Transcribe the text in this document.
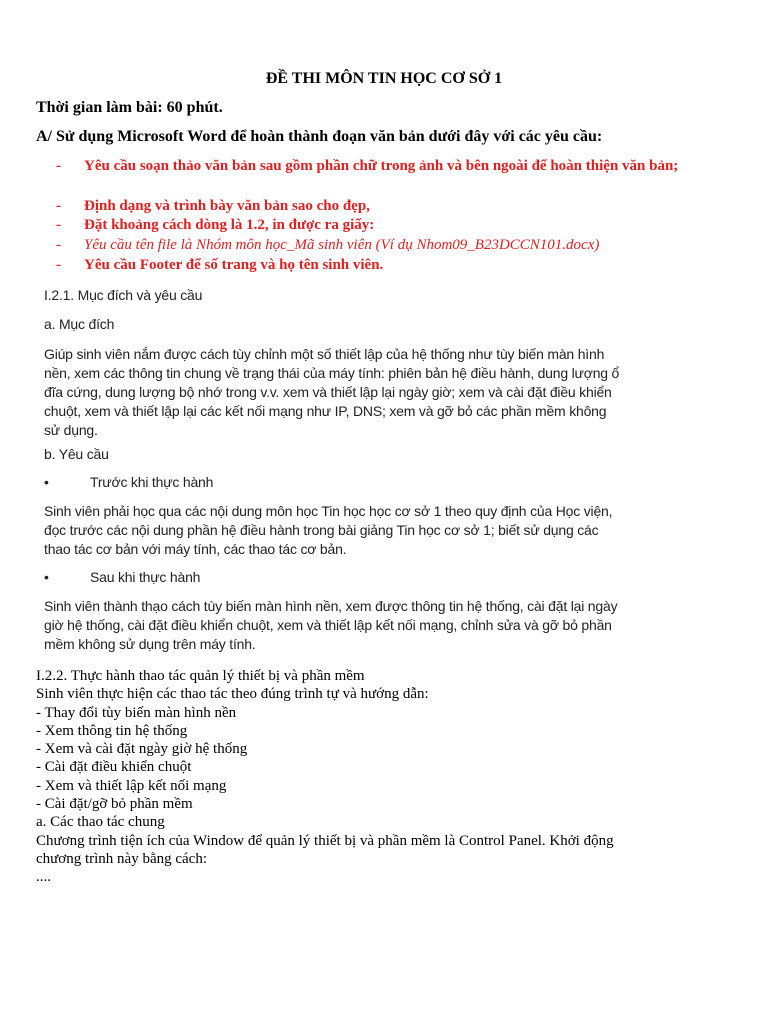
ĐỀ THI MÔN TIN HỌC CƠ SỞ 1
Thời gian làm bài: 60 phút.
A/ Sử dụng Microsoft Word để hoàn thành đoạn văn bản dưới đây với các yêu cầu:
- Yêu cầu soạn thảo văn bản sau gồm phần chữ trong ảnh và bên ngoài để hoàn thiện văn bản;
- Định dạng và trình bày văn bản sao cho đẹp,
- Đặt khoảng cách dòng là 1.2, in được ra giấy:
- Yêu cầu tên file là Nhóm môn học_Mã sinh viên (Ví dụ Nhom09_B23DCCN101.docx)
- Yêu cầu Footer để số trang và họ tên sinh viên.
I.2.1. Mục đích và yêu cầu
a. Mục đích

Giúp sinh viên nắm được cách tùy chỉnh một số thiết lập của hệ thống như tùy biến màn hình nền, xem các thông tin chung về trạng thái của máy tính: phiên bản hệ điều hành, dung lượng ổ đĩa cứng, dung lượng bộ nhớ trong v.v. xem và thiết lập lại ngày giờ; xem và cài đặt điều khiển chuột, xem và thiết lập lại các kết nối mạng như IP, DNS; xem và gỡ bỏ các phần mềm không sử dụng.

b. Yêu cầu
•	Trước khi thực hành

Sinh viên phải học qua các nội dung môn học Tin học học cơ sở 1 theo quy định của Học viện, đọc trước các nội dung phần hệ điều hành trong bài giảng Tin học cơ sở 1; biết sử dụng các thao tác cơ bản với máy tính, các thao tác cơ bản.

•	Sau khi thực hành

Sinh viên thành thạo cách tùy biến màn hình nền, xem được thông tin hệ thống, cài đặt lại ngày giờ hệ thống, cài đặt điều khiển chuột, xem và thiết lập kết nối mạng, chỉnh sửa và gỡ bỏ phần mềm không sử dụng trên máy tính.

I.2.2. Thực hành thao tác quản lý thiết bị và phần mềm
Sinh viên thực hiện các thao tác theo đúng trình tự và hướng dẫn:
- Thay đổi tùy biến màn hình nền
- Xem thông tin hệ thống
- Xem và cài đặt ngày giờ hệ thống
- Cài đặt điều khiển chuột
- Xem và thiết lập kết nối mạng
- Cài đặt/gỡ bỏ phần mềm
a. Các thao tác chung
Chương trình tiện ích của Window để quản lý thiết bị và phần mềm là Control Panel. Khởi động
chương trình này bằng cách:
....
